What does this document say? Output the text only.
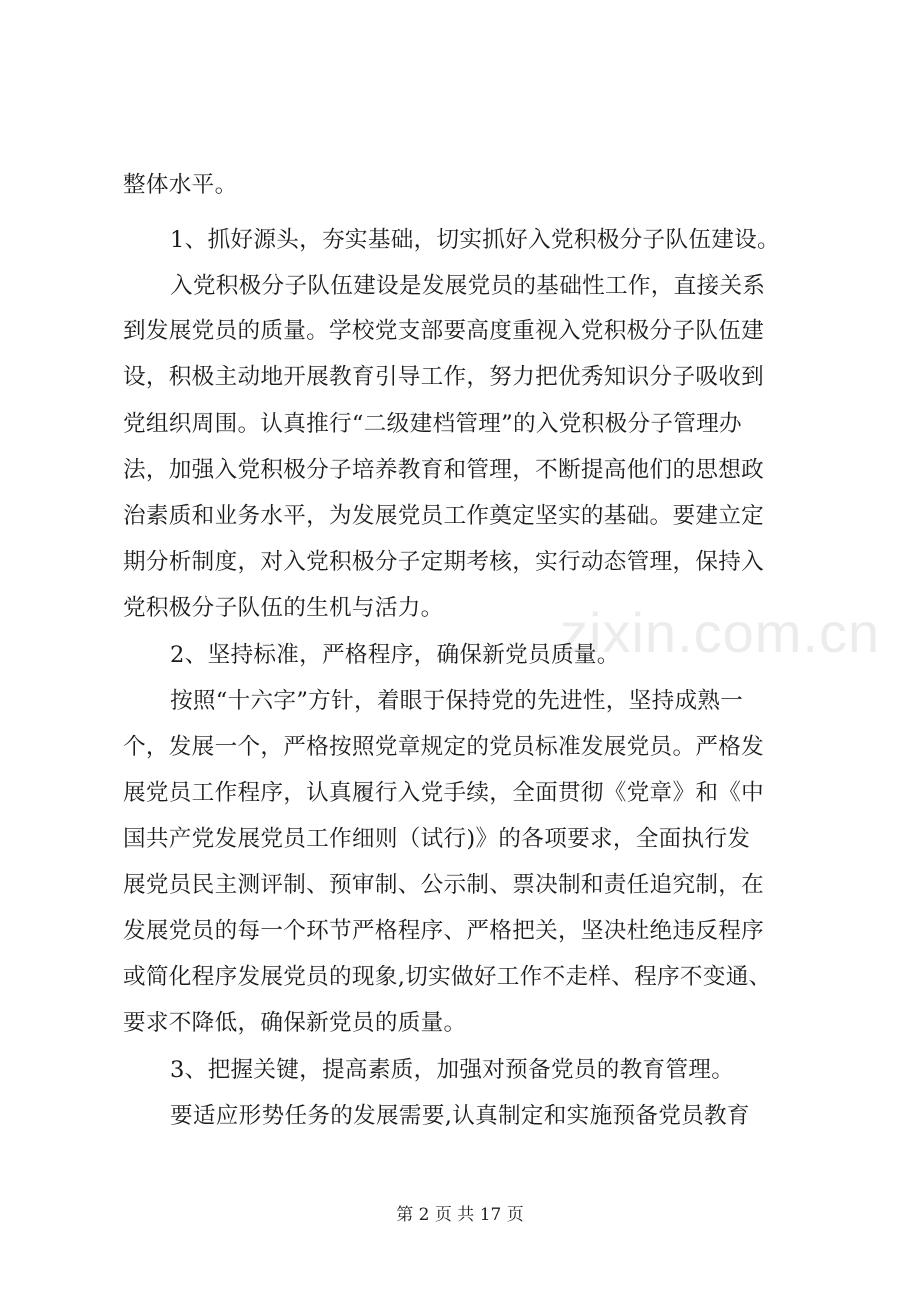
zixin.com.cn
整体水平。
1、抓好源头，夯实基础，切实抓好入党积极分子队伍建设。
入党积极分子队伍建设是发展党员的基础性工作，直接关系
到发展党员的质量。学校党支部要高度重视入党积极分子队伍建
设，积极主动地开展教育引导工作，努力把优秀知识分子吸收到
党组织周围。认真推行“二级建档管理”的入党积极分子管理办
法，加强入党积极分子培养教育和管理，不断提高他们的思想政
治素质和业务水平，为发展党员工作奠定坚实的基础。要建立定
期分析制度，对入党积极分子定期考核，实行动态管理，保持入
党积极分子队伍的生机与活力。
2、坚持标准，严格程序，确保新党员质量。
按照“十六字”方针，着眼于保持党的先进性，坚持成熟一
个，发展一个，严格按照党章规定的党员标准发展党员。严格发
展党员工作程序，认真履行入党手续，全面贯彻《党章》和《中
国共产党发展党员工作细则（试行)》的各项要求，全面执行发
展党员民主测评制、预审制、公示制、票决制和责任追究制，在
发展党员的每一个环节严格程序、严格把关，坚决杜绝违反程序
或简化程序发展党员的现象,切实做好工作不走样、程序不变通、
要求不降低，确保新党员的质量。
3、把握关键，提高素质，加强对预备党员的教育管理。
要适应形势任务的发展需要,认真制定和实施预备党员教育
第 2 页 共 17 页
